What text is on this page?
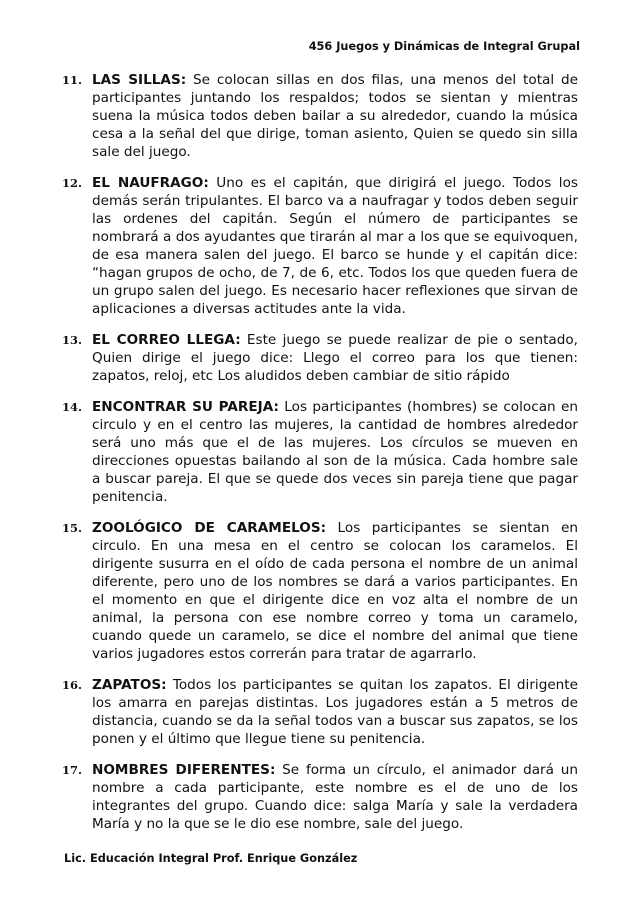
456 Juegos y Dinámicas de Integral Grupal
11. LAS SILLAS: Se colocan sillas en dos filas, una menos del total de participantes juntando los respaldos; todos se sientan y mientras suena la música todos deben bailar a su alrededor, cuando la música cesa a la señal del que dirige, toman asiento, Quien se quedo sin silla sale del juego.

12. EL NAUFRAGO: Uno es el capitán, que dirigirá el juego. Todos los demás serán tripulantes. El barco va a naufragar y todos deben seguir las ordenes del capitán. Según el número de participantes se nombrará a dos ayudantes que tirarán al mar a los que se equivoquen, de esa manera salen del juego. El barco se hunde y el capitán dice: “hagan grupos de ocho, de 7, de 6, etc. Todos los que queden fuera de un grupo salen del juego. Es necesario hacer reflexiones que sirvan de aplicaciones a diversas actitudes ante la vida.

13. EL CORREO LLEGA: Este juego se puede realizar de pie o sentado, Quien dirige el juego dice: Llego el correo para los que tienen: zapatos, reloj, etc Los aludidos deben cambiar de sitio rápido

14. ENCONTRAR SU PAREJA: Los participantes (hombres) se colocan en circulo y en el centro las mujeres, la cantidad de hombres alrededor será uno más que el de las mujeres. Los círculos se mueven en direcciones opuestas bailando al son de la música. Cada hombre sale a buscar pareja. El que se quede dos veces sin pareja tiene que pagar penitencia.

15. ZOOLÓGICO DE CARAMELOS: Los participantes se sientan en circulo. En una mesa en el centro se colocan los caramelos. El dirigente susurra en el oído de cada persona el nombre de un animal diferente, pero uno de los nombres se dará a varios participantes. En el momento en que el dirigente dice en voz alta el nombre de un animal, la persona con ese nombre correo y toma un caramelo, cuando quede un caramelo, se dice el nombre del animal que tiene varios jugadores estos correrán para tratar de agarrarlo.

16. ZAPATOS: Todos los participantes se quitan los zapatos. El dirigente los amarra en parejas distintas. Los jugadores están a 5 metros de distancia, cuando se da la señal todos van a buscar sus zapatos, se los ponen y el último que llegue tiene su penitencia.

17. NOMBRES DIFERENTES: Se forma un círculo, el animador dará un nombre a cada participante, este nombre es el de uno de los integrantes del grupo. Cuando dice: salga María y sale la verdadera María y no la que se le dio ese nombre, sale del juego.

Lic. Educación Integral Prof. Enrique González
